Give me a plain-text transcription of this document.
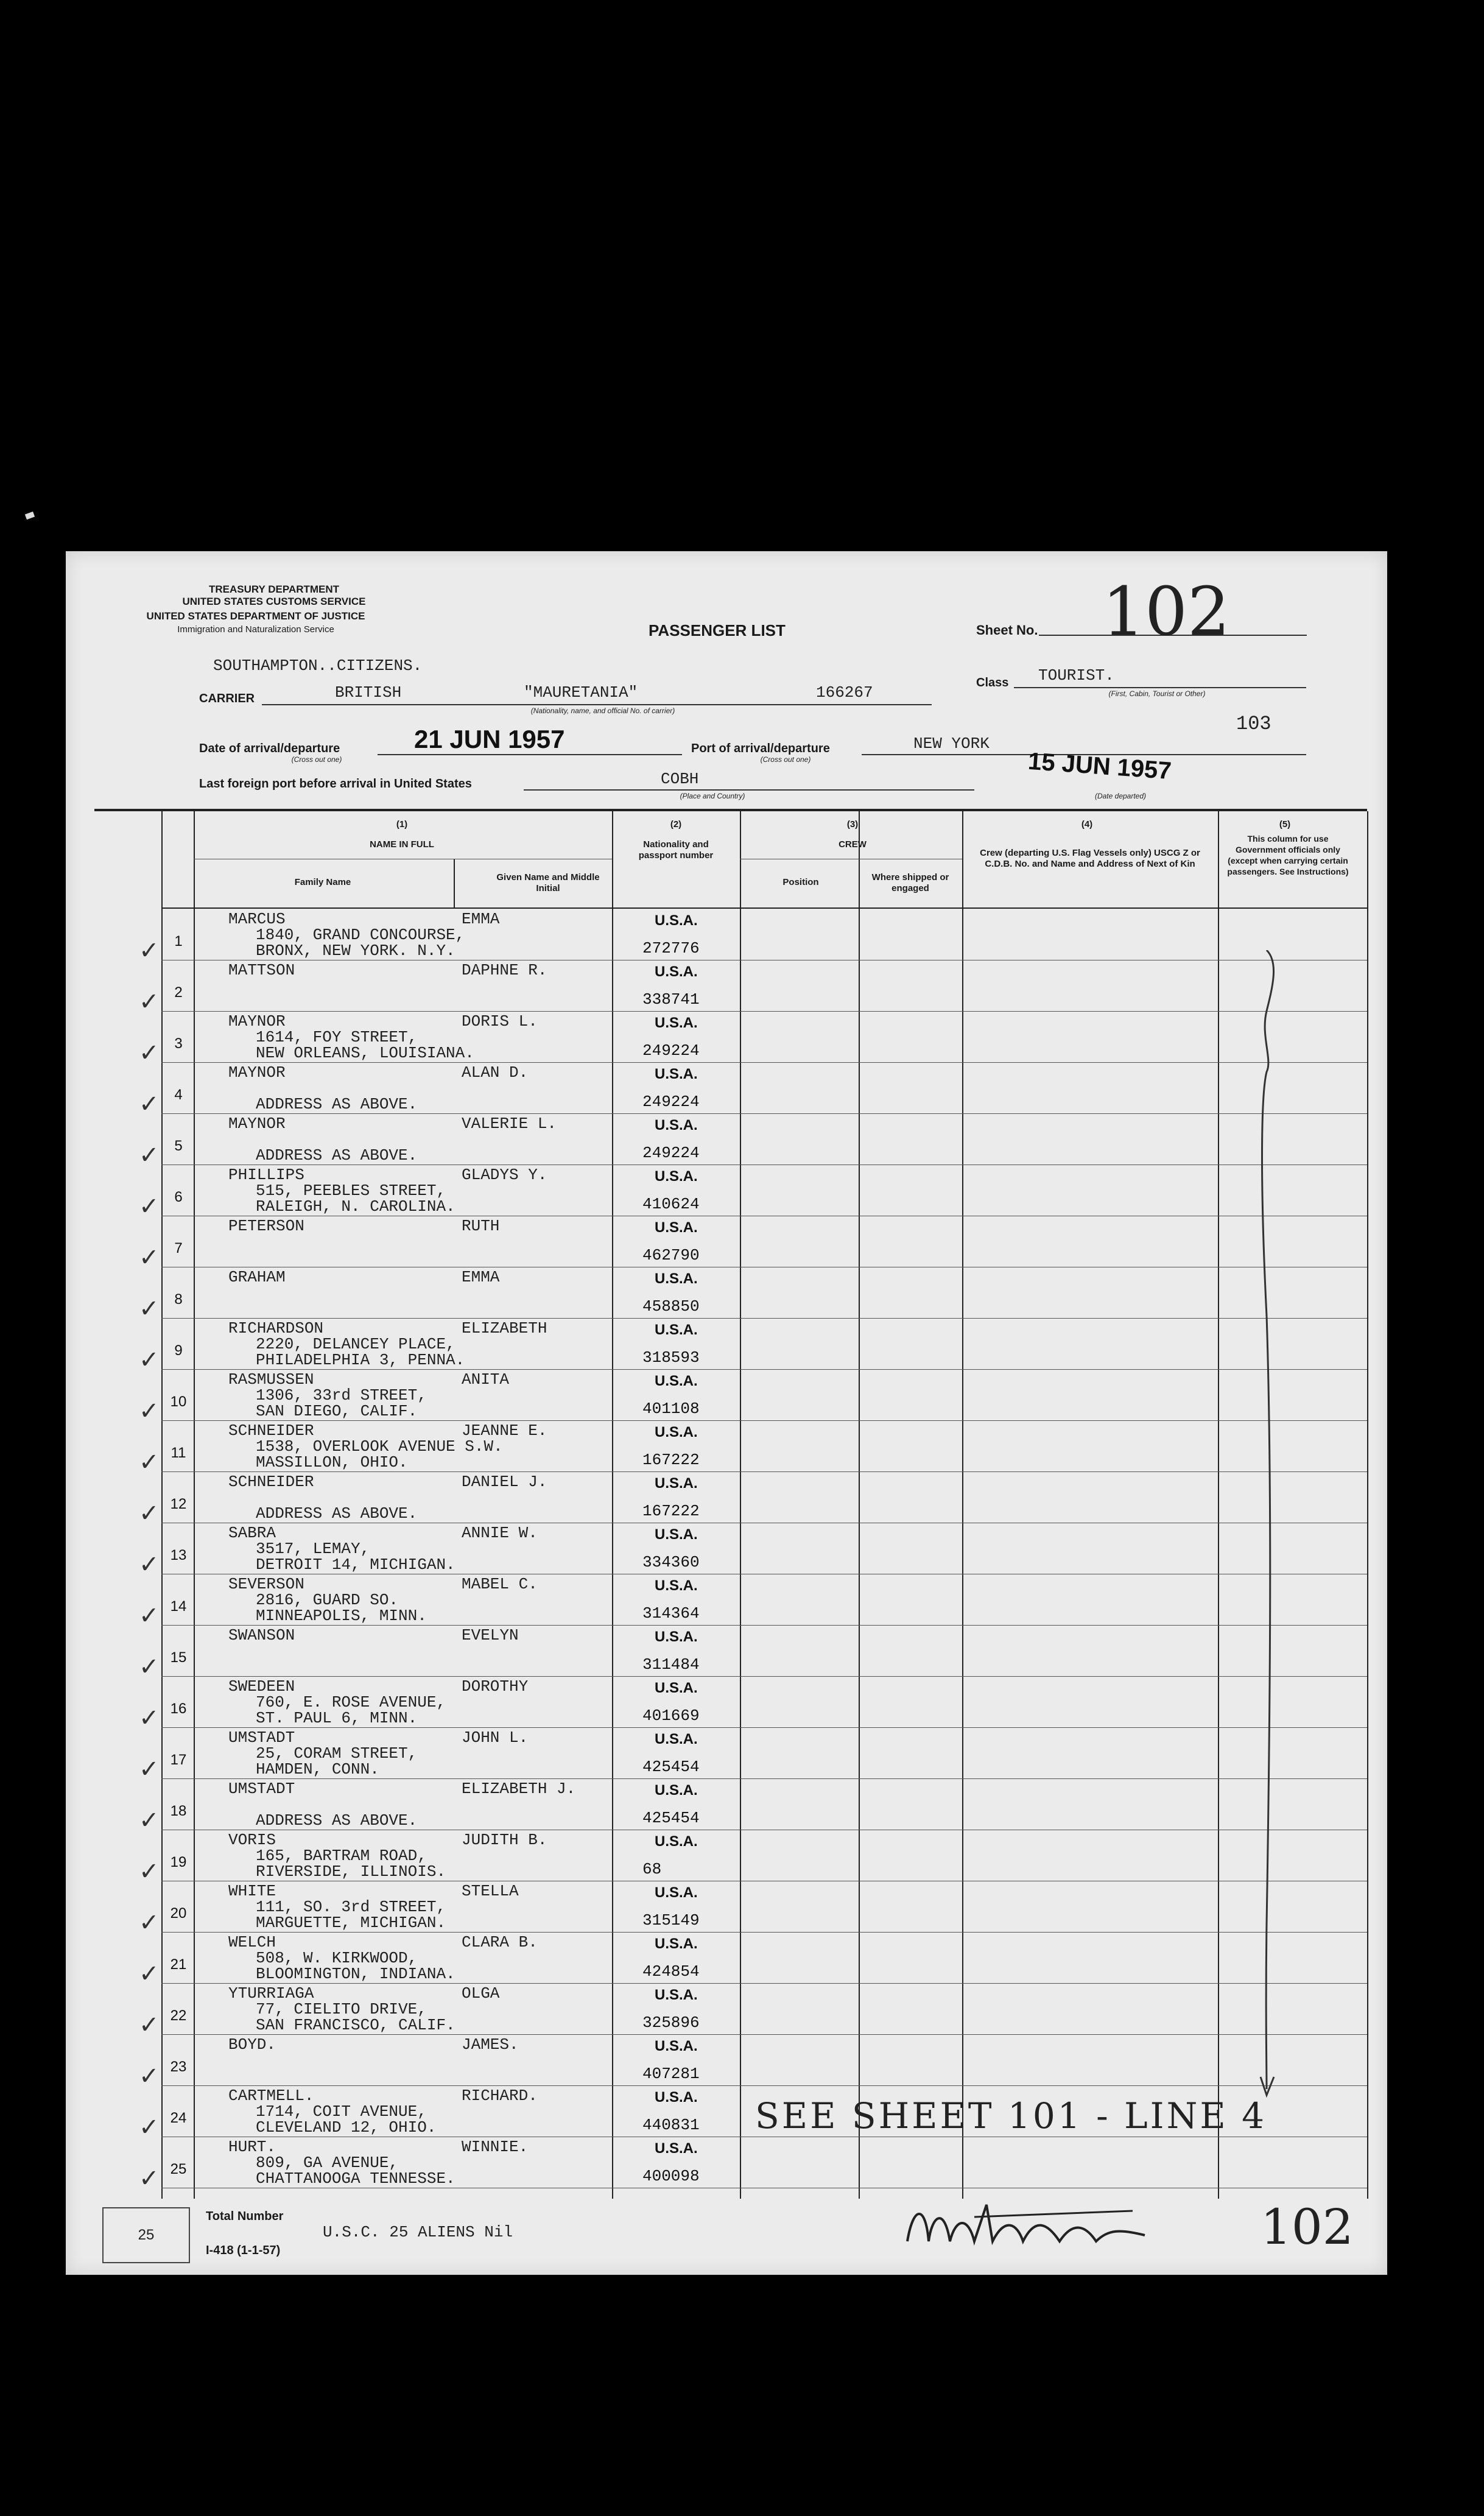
TREASURY DEPARTMENT
UNITED STATES CUSTOMS SERVICE
UNITED STATES DEPARTMENT OF JUSTICE
Immigration and Naturalization Service	PASSENGER LIST	Sheet No. 102
SOUTHAMPTON..CITIZENS.
CARRIER	BRITISH	"MAURETANIA"	166267
(Nationality, name, and official No. of carrier)
Class TOURIST.
(First, Cabin, Tourist or Other)
103
Date of arrival/departure
(Cross out one)
21 JUN 1957	Port of arrival/departure
(Cross out one)
NEW YORK
Last foreign port before arrival in United States	COBH
(Place and Country)
15 JUN 1957
(Date departed)
(1)
NAME IN FULL
Family Name	Given Name and Middle Initial
(2)
Nationality and passport number
(3)
CREW
Position	Where shipped or engaged
(4)
Crew (departing U.S. Flag Vessels only) USCG Z or C.D.B. No. and Name and Address of Next of Kin
(5)
This column for use Government officials only (except when carrying certain passengers. See Instructions)
1
MARCUS	EMMA
1840, GRAND CONCOURSE,
BRONX, NEW YORK. N.Y.
U.S.A.
272776
✓
2
MATTSON	DAPHNE R.	U.S.A.
338741
✓
3
MAYNOR	DORIS L.
1614, FOY STREET,
NEW ORLEANS, LOUISIANA.
U.S.A.
249224
✓
4
MAYNOR	ALAN D.
ADDRESS AS ABOVE.
U.S.A.
249224
✓
5
MAYNOR	VALERIE L.
ADDRESS AS ABOVE.
U.S.A.
249224
✓
6
PHILLIPS	GLADYS Y.
515, PEEBLES STREET,
RALEIGH, N. CAROLINA.
U.S.A.
410624
✓
7
PETERSON	RUTH	U.S.A.
462790
✓
8
GRAHAM	EMMA	U.S.A.
458850
✓
9
RICHARDSON	ELIZABETH
2220, DELANCEY PLACE,
PHILADELPHIA 3, PENNA.
U.S.A.
318593
✓
10
RASMUSSEN	ANITA
1306, 33rd STREET,
SAN DIEGO, CALIF.
U.S.A.
401108
✓
11
SCHNEIDER	JEANNE E.
1538, OVERLOOK AVENUE S.W.
MASSILLON, OHIO.
U.S.A.
167222
✓
12
SCHNEIDER	DANIEL J.
ADDRESS AS ABOVE.
U.S.A.
167222
✓
13
SABRA	ANNIE W.
3517, LEMAY,
DETROIT 14, MICHIGAN.
U.S.A.
334360
✓
14
SEVERSON	MABEL C.
2816, GUARD SO.
MINNEAPOLIS, MINN.
U.S.A.
314364
✓
15
SWANSON	EVELYN	U.S.A.
311484
✓
16
SWEDEEN	DOROTHY
760, E. ROSE AVENUE,
ST. PAUL 6, MINN.
U.S.A.
401669
✓
17
UMSTADT	JOHN L.
25, CORAM STREET,
HAMDEN, CONN.
U.S.A.
425454
✓
18
UMSTADT	ELIZABETH J.
ADDRESS AS ABOVE.
U.S.A.
425454
✓
19
VORIS	JUDITH B.
165, BARTRAM ROAD,
RIVERSIDE, ILLINOIS.
U.S.A.
68
✓
20
WHITE	STELLA
111, SO. 3rd STREET,
MARGUETTE, MICHIGAN.
U.S.A.
315149
✓
21
WELCH	CLARA B.
508, W. KIRKWOOD,
BLOOMINGTON, INDIANA.
U.S.A.
424854
✓
22
YTURRIAGA	OLGA
77, CIELITO DRIVE,
SAN FRANCISCO, CALIF.
U.S.A.
325896
✓
23
BOYD.	JAMES.	U.S.A.
407281
✓
24
CARTMELL.	RICHARD.
1714, COIT AVENUE,
CLEVELAND 12, OHIO.
U.S.A.
440831
✓
25
HURT.	WINNIE.
809, GA AVENUE,
CHATTANOOGA TENNESSE.
U.S.A.
400098
✓
SEE SHEET 101 - LINE 4
102
25
Total Number
I-418 (1-1-57)
U.S.C. 25 ALIENS Nil
